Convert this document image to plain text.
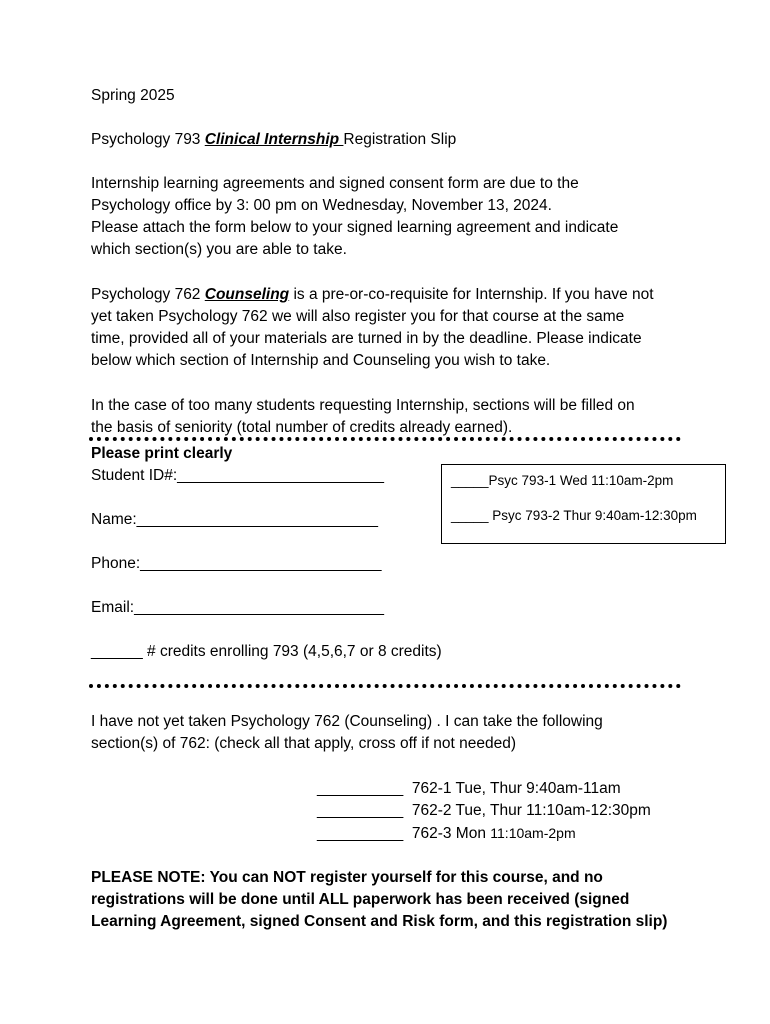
Spring 2025
Psychology 793 Clinical Internship Registration Slip
Internship learning agreements and signed consent form are due to the
Psychology office by 3: 00 pm on Wednesday, November 13, 2024.
Please attach the form below to your signed learning agreement and indicate
which section(s) you are able to take.
Psychology 762 Counseling is a pre-or-co-requisite for Internship. If you have not
yet taken Psychology 762 we will also register you for that course at the same
time, provided all of your materials are turned in by the deadline. Please indicate
below which section of Internship and Counseling you wish to take.
In the case of too many students requesting Internship, sections will be filled on
the basis of seniority (total number of credits already earned).
Please print clearly
Student ID#:________________________
Name:____________________________
Phone:____________________________
Email:_____________________________
______ # credits enrolling 793 (4,5,6,7 or 8 credits)
_____Psyc 793-1 Wed 11:10am-2pm
_____ Psyc 793-2 Thur 9:40am-12:30pm
I have not yet taken Psychology 762 (Counseling) . I can take the following
section(s) of 762: (check all that apply, cross off if not needed)
__________ 762-1 Tue, Thur 9:40am-11am
__________ 762-2 Tue, Thur 11:10am-12:30pm
__________ 762-3 Mon 11:10am-2pm
PLEASE NOTE: You can NOT register yourself for this course, and no
registrations will be done until ALL paperwork has been received (signed
Learning Agreement, signed Consent and Risk form, and this registration slip)
